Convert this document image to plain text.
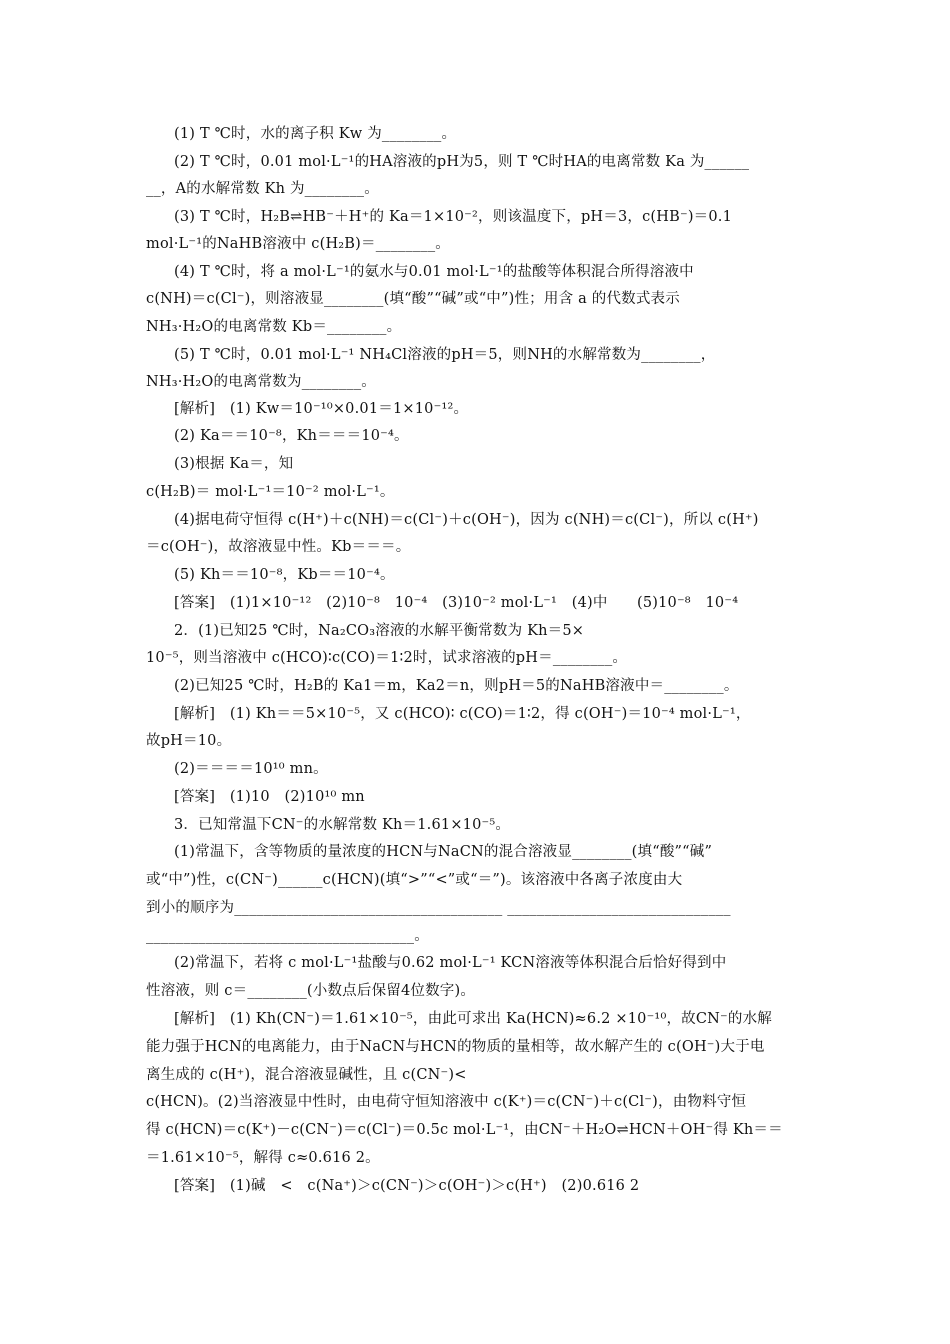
(1) T ℃时，水的离子积 Kw 为________。
(2) T ℃时，0.01 mol·L⁻¹的HA溶液的pH为5，则 T ℃时HA的电离常数 Ka 为______
__，A的水解常数 Kh 为________。
(3) T ℃时，H₂B⇌HB⁻＋H⁺的 Ka＝1×10⁻²，则该温度下，pH＝3，c(HB⁻)＝0.1
mol·L⁻¹的NaHB溶液中 c(H₂B)＝________。
(4) T ℃时，将 a mol·L⁻¹的氨水与0.01 mol·L⁻¹的盐酸等体积混合所得溶液中
c(NH)＝c(Cl⁻)，则溶液显________(填“酸”“碱”或“中”)性；用含 a 的代数式表示
NH₃·H₂O的电离常数 Kb＝________。
(5) T ℃时，0.01 mol·L⁻¹ NH₄Cl溶液的pH＝5，则NH的水解常数为________，
NH₃·H₂O的电离常数为________。
[解析]　(1) Kw＝10⁻¹⁰×0.01＝1×10⁻¹²。
(2) Ka＝＝10⁻⁸，Kh＝＝＝10⁻⁴。
(3)根据 Ka＝，知
c(H₂B)＝ mol·L⁻¹＝10⁻² mol·L⁻¹。
(4)据电荷守恒得 c(H⁺)＋c(NH)＝c(Cl⁻)＋c(OH⁻)，因为 c(NH)＝c(Cl⁻)，所以 c(H⁺)
＝c(OH⁻)，故溶液显中性。Kb＝＝＝。
(5) Kh＝＝10⁻⁸，Kb＝＝10⁻⁴。
[答案]　(1)1×10⁻¹²　(2)10⁻⁸　10⁻⁴　(3)10⁻² mol·L⁻¹　(4)中　　(5)10⁻⁸　10⁻⁴
2．(1)已知25 ℃时，Na₂CO₃溶液的水解平衡常数为 Kh＝5×
10⁻⁵，则当溶液中 c(HCO)∶c(CO)＝1∶2时，试求溶液的pH＝________。
(2)已知25 ℃时，H₂B的 Ka1＝m，Ka2＝n，则pH＝5的NaHB溶液中＝________。
[解析]　(1) Kh＝＝5×10⁻⁵，又 c(HCO)∶ c(CO)＝1∶2，得 c(OH⁻)＝10⁻⁴ mol·L⁻¹，
故pH＝10。
(2)＝＝＝＝10¹⁰ mn。
[答案]　(1)10　(2)10¹⁰ mn
3．已知常温下CN⁻的水解常数 Kh＝1.61×10⁻⁵。
(1)常温下，含等物质的量浓度的HCN与NaCN的混合溶液显________(填“酸”“碱”
或“中”)性，c(CN⁻)______c(HCN)(填“>”“<”或“＝”)。该溶液中各离子浓度由大
到小的顺序为____________________________________ ______________________________
____________________________________。
(2)常温下，若将 c mol·L⁻¹盐酸与0.62 mol·L⁻¹ KCN溶液等体积混合后恰好得到中
性溶液，则 c＝________(小数点后保留4位数字)。
[解析]　(1) Kh(CN⁻)＝1.61×10⁻⁵，由此可求出 Ka(HCN)≈6.2 ×10⁻¹⁰，故CN⁻的水解
能力强于HCN的电离能力，由于NaCN与HCN的物质的量相等，故水解产生的 c(OH⁻)大于电
离生成的 c(H⁺)，混合溶液显碱性，且 c(CN⁻)<
c(HCN)。(2)当溶液显中性时，由电荷守恒知溶液中 c(K⁺)＝c(CN⁻)＋c(Cl⁻)，由物料守恒
得 c(HCN)＝c(K⁺)－c(CN⁻)＝c(Cl⁻)＝0.5c mol·L⁻¹，由CN⁻＋H₂O⇌HCN＋OH⁻得 Kh＝＝
＝1.61×10⁻⁵，解得 c≈0.616 2。
[答案]　(1)碱　<　c(Na⁺)＞c(CN⁻)＞c(OH⁻)＞c(H⁺)　(2)0.616 2
